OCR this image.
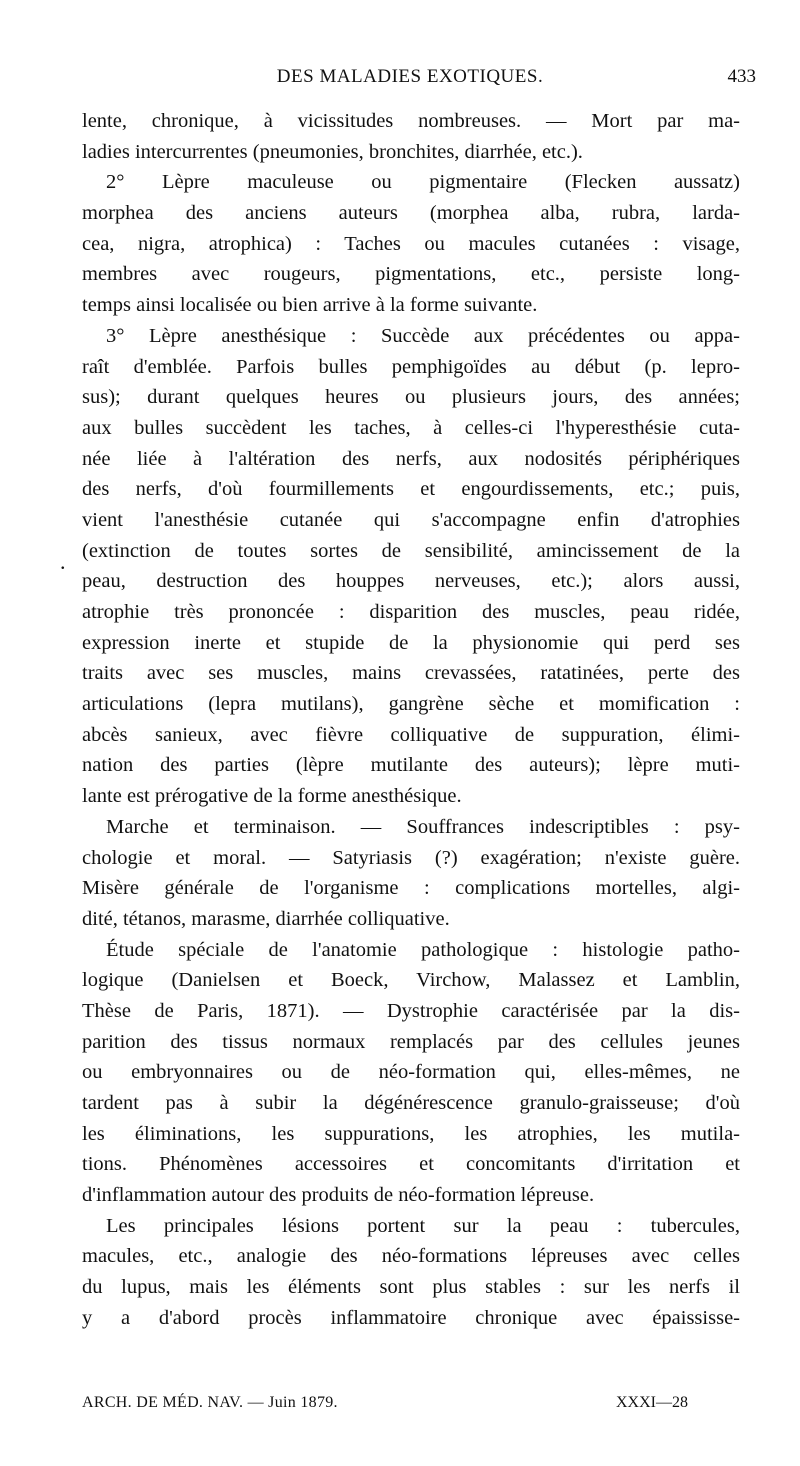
DES MALADIES EXOTIQUES.	433
.
lente, chronique, à vicissitudes nombreuses. — Mort par ma-
ladies intercurrentes (pneumonies, bronchites, diarrhée, etc.).
2° Lèpre maculeuse ou pigmentaire (Flecken aussatz)
morphea des anciens auteurs (morphea alba, rubra, larda-
cea, nigra, atrophica) : Taches ou macules cutanées : visage,
membres avec rougeurs, pigmentations, etc., persiste long-
temps ainsi localisée ou bien arrive à la forme suivante.
3° Lèpre anesthésique : Succède aux précédentes ou appa-
raît d'emblée. Parfois bulles pemphigoïdes au début (p. lepro-
sus); durant quelques heures ou plusieurs jours, des années;
aux bulles succèdent les taches, à celles-ci l'hyperesthésie cuta-
née liée à l'altération des nerfs, aux nodosités périphériques
des nerfs, d'où fourmillements et engourdissements, etc.; puis,
vient l'anesthésie cutanée qui s'accompagne enfin d'atrophies
(extinction de toutes sortes de sensibilité, amincissement de la
peau, destruction des houppes nerveuses, etc.); alors aussi,
atrophie très prononcée : disparition des muscles, peau ridée,
expression inerte et stupide de la physionomie qui perd ses
traits avec ses muscles, mains crevassées, ratatinées, perte des
articulations (lepra mutilans), gangrène sèche et momification :
abcès sanieux, avec fièvre colliquative de suppuration, élimi-
nation des parties (lèpre mutilante des auteurs); lèpre muti-
lante est prérogative de la forme anesthésique.
Marche et terminaison. — Souffrances indescriptibles : psy-
chologie et moral. — Satyriasis (?) exagération; n'existe guère.
Misère générale de l'organisme : complications mortelles, algi-
dité, tétanos, marasme, diarrhée colliquative.
Étude spéciale de l'anatomie pathologique : histologie patho-
logique (Danielsen et Boeck, Virchow, Malassez et Lamblin,
Thèse de Paris, 1871). — Dystrophie caractérisée par la dis-
parition des tissus normaux remplacés par des cellules jeunes
ou embryonnaires ou de néo-formation qui, elles-mêmes, ne
tardent pas à subir la dégénérescence granulo-graisseuse; d'où
les éliminations, les suppurations, les atrophies, les mutila-
tions. Phénomènes accessoires et concomitants d'irritation et
d'inflammation autour des produits de néo-formation lépreuse.
Les principales lésions portent sur la peau : tubercules,
macules, etc., analogie des néo-formations lépreuses avec celles
du lupus, mais les éléments sont plus stables : sur les nerfs il
y a d'abord procès inflammatoire chronique avec épaississe-
ARCH. DE MÉD. NAV. — Juin 1879.	XXXI—28
